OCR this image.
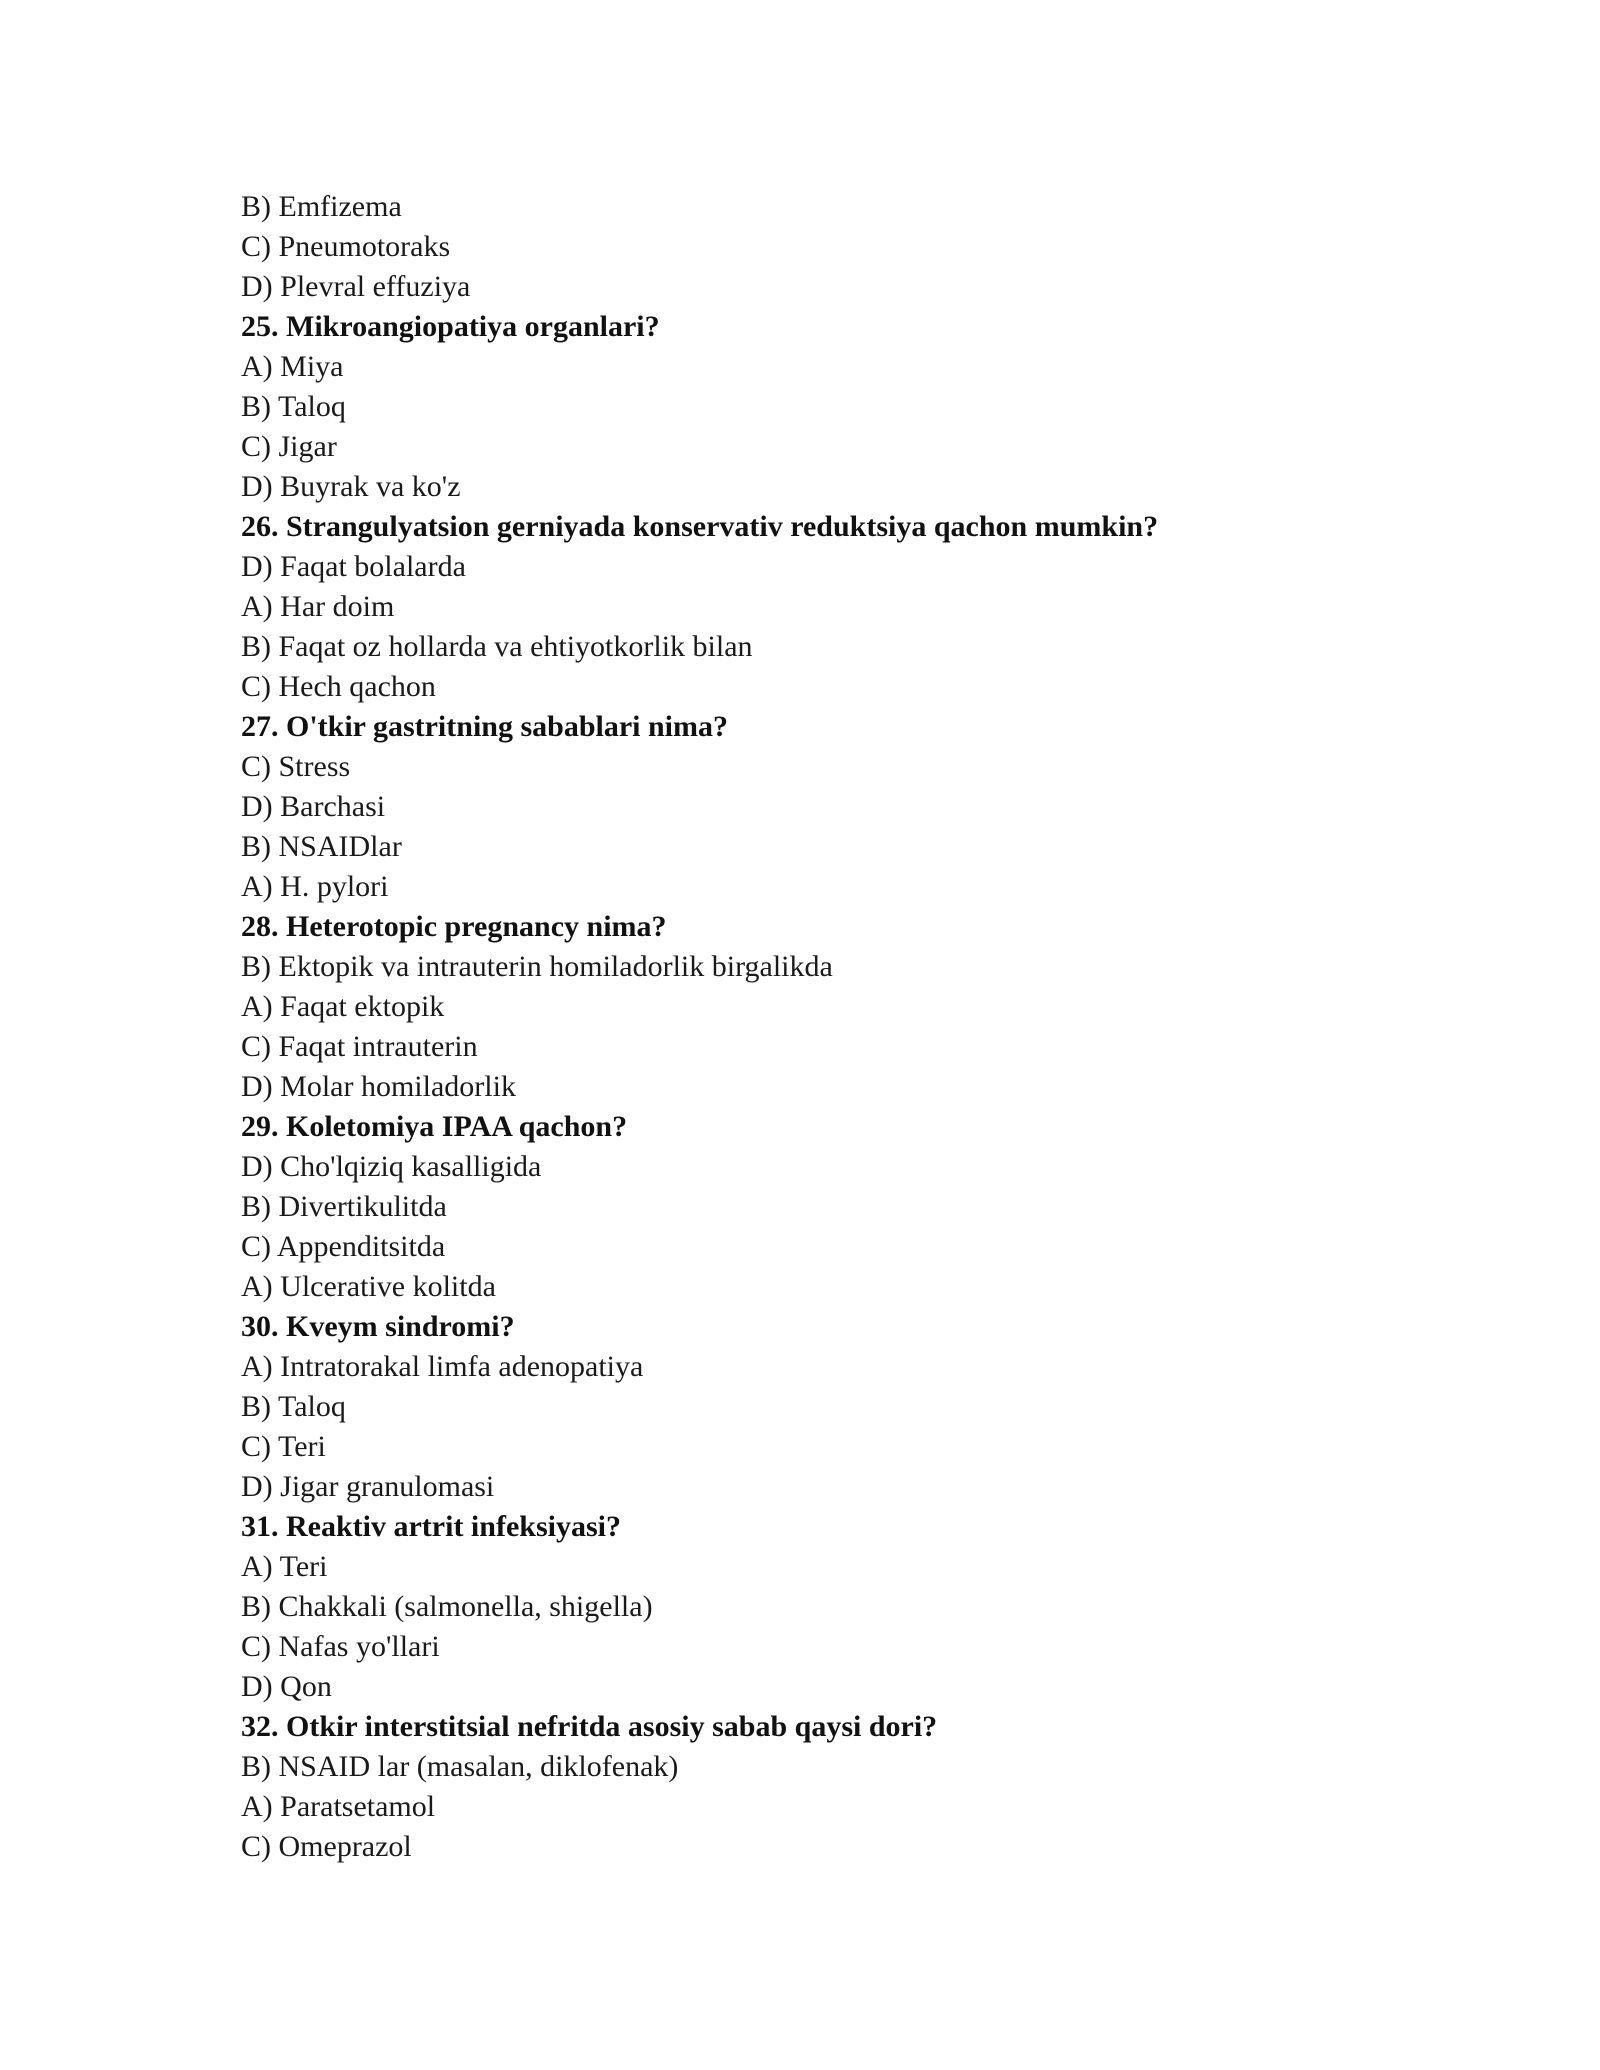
B) Emfizema
C) Pneumotoraks
D) Plevral effuziya
25. Mikroangiopatiya organlari?
A) Miya
B) Taloq
C) Jigar
D) Buyrak va ko'z
26. Strangulyatsion gerniyada konservativ reduktsiya qachon mumkin?
D) Faqat bolalarda
A) Har doim
B) Faqat oz hollarda va ehtiyotkorlik bilan
C) Hech qachon
27. O'tkir gastritning sabablari nima?
C) Stress
D) Barchasi
B) NSAIDlar
A) H. pylori
28. Heterotopic pregnancy nima?
B) Ektopik va intrauterin homiladorlik birgalikda
A) Faqat ektopik
C) Faqat intrauterin
D) Molar homiladorlik
29. Koletomiya IPAA qachon?
D) Cho'lqiziq kasalligida
B) Divertikulitda
C) Appenditsitda
A) Ulcerative kolitda
30. Kveym sindromi?
A) Intratorakal limfa adenopatiya
B) Taloq
C) Teri
D) Jigar granulomasi
31. Reaktiv artrit infeksiyasi?
A) Teri
B) Chakkali (salmonella, shigella)
C) Nafas yo'llari
D) Qon
32. Otkir interstitsial nefritda asosiy sabab qaysi dori?
B) NSAID lar (masalan, diklofenak)
A) Paratsetamol
C) Omeprazol
